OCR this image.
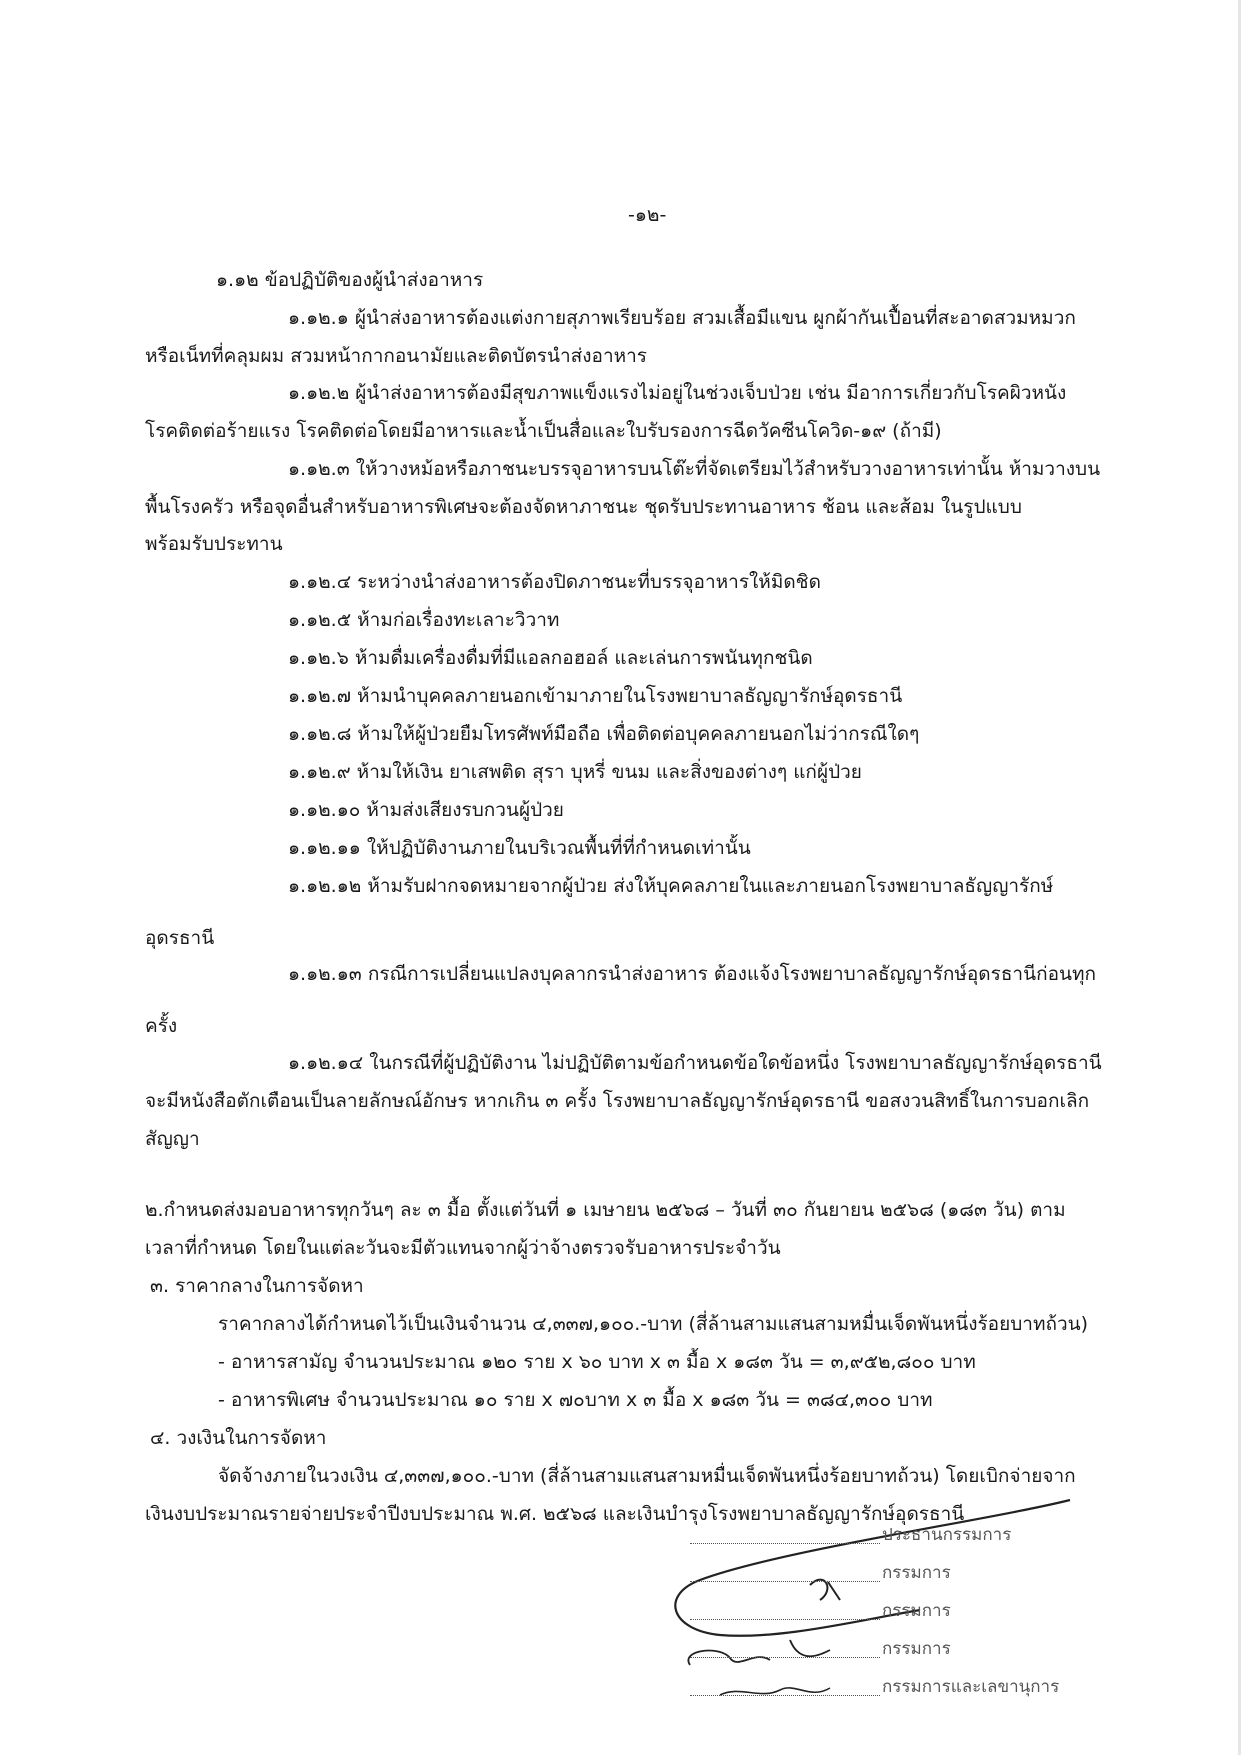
-๑๒-
๑.๑๒ ข้อปฏิบัติของผู้นำส่งอาหาร
๑.๑๒.๑ ผู้นำส่งอาหารต้องแต่งกายสุภาพเรียบร้อย สวมเสื้อมีแขน ผูกผ้ากันเปื้อนที่สะอาดสวมหมวก
หรือเน็ทที่คลุมผม สวมหน้ากากอนามัยและติดบัตรนำส่งอาหาร
๑.๑๒.๒ ผู้นำส่งอาหารต้องมีสุขภาพแข็งแรงไม่อยู่ในช่วงเจ็บป่วย เช่น มีอาการเกี่ยวกับโรคผิวหนัง
โรคติดต่อร้ายแรง โรคติดต่อโดยมีอาหารและน้ำเป็นสื่อและใบรับรองการฉีดวัคซีนโควิด-๑๙ (ถ้ามี)
๑.๑๒.๓ ให้วางหม้อหรือภาชนะบรรจุอาหารบนโต๊ะที่จัดเตรียมไว้สำหรับวางอาหารเท่านั้น ห้ามวางบน
พื้นโรงครัว หรือจุดอื่นสำหรับอาหารพิเศษจะต้องจัดหาภาชนะ ชุดรับประทานอาหาร ช้อน และส้อม ในรูปแบบ
พร้อมรับประทาน
๑.๑๒.๔ ระหว่างนำส่งอาหารต้องปิดภาชนะที่บรรจุอาหารให้มิดชิด
๑.๑๒.๕ ห้ามก่อเรื่องทะเลาะวิวาท
๑.๑๒.๖ ห้ามดื่มเครื่องดื่มที่มีแอลกอฮอล์ และเล่นการพนันทุกชนิด
๑.๑๒.๗ ห้ามนำบุคคลภายนอกเข้ามาภายในโรงพยาบาลธัญญารักษ์อุดรธานี
๑.๑๒.๘ ห้ามให้ผู้ป่วยยืมโทรศัพท์มือถือ เพื่อติดต่อบุคคลภายนอกไม่ว่ากรณีใดๆ
๑.๑๒.๙ ห้ามให้เงิน ยาเสพติด สุรา บุหรี่ ขนม และสิ่งของต่างๆ แก่ผู้ป่วย
๑.๑๒.๑๐ ห้ามส่งเสียงรบกวนผู้ป่วย
๑.๑๒.๑๑ ให้ปฏิบัติงานภายในบริเวณพื้นที่ที่กำหนดเท่านั้น
๑.๑๒.๑๒ ห้ามรับฝากจดหมายจากผู้ป่วย ส่งให้บุคคลภายในและภายนอกโรงพยาบาลธัญญารักษ์
อุดรธานี
๑.๑๒.๑๓ กรณีการเปลี่ยนแปลงบุคลากรนำส่งอาหาร ต้องแจ้งโรงพยาบาลธัญญารักษ์อุดรธานีก่อนทุก
ครั้ง
๑.๑๒.๑๔ ในกรณีที่ผู้ปฏิบัติงาน ไม่ปฏิบัติตามข้อกำหนดข้อใดข้อหนึ่ง โรงพยาบาลธัญญารักษ์อุดรธานี
จะมีหนังสือตักเตือนเป็นลายลักษณ์อักษร หากเกิน ๓ ครั้ง โรงพยาบาลธัญญารักษ์อุดรธานี ขอสงวนสิทธิ์ในการบอกเลิก
สัญญา
๒.กำหนดส่งมอบอาหารทุกวันๆ ละ ๓ มื้อ ตั้งแต่วันที่ ๑ เมษายน ๒๕๖๘ – วันที่ ๓๐ กันยายน ๒๕๖๘ (๑๘๓ วัน) ตาม
เวลาที่กำหนด โดยในแต่ละวันจะมีตัวแทนจากผู้ว่าจ้างตรวจรับอาหารประจำวัน
๓. ราคากลางในการจัดหา
ราคากลางได้กำหนดไว้เป็นเงินจำนวน ๔,๓๓๗,๑๐๐.-บาท (สี่ล้านสามแสนสามหมื่นเจ็ดพันหนึ่งร้อยบาทถ้วน)
- อาหารสามัญ จำนวนประมาณ ๑๒๐ ราย x ๖๐ บาท x ๓ มื้อ x ๑๘๓ วัน = ๓,๙๕๒,๘๐๐ บาท
- อาหารพิเศษ จำนวนประมาณ ๑๐ ราย x ๗๐บาท x ๓ มื้อ x ๑๘๓ วัน = ๓๘๔,๓๐๐ บาท
๔. วงเงินในการจัดหา
จัดจ้างภายในวงเงิน ๔,๓๓๗,๑๐๐.-บาท (สี่ล้านสามแสนสามหมื่นเจ็ดพันหนึ่งร้อยบาทถ้วน) โดยเบิกจ่ายจาก
เงินงบประมาณรายจ่ายประจำปีงบประมาณ พ.ศ. ๒๕๖๘ และเงินบำรุงโรงพยาบาลธัญญารักษ์อุดรธานี
ประธานกรรมการ
กรรมการ
กรรมการ
กรรมการ
กรรมการและเลขานุการ
